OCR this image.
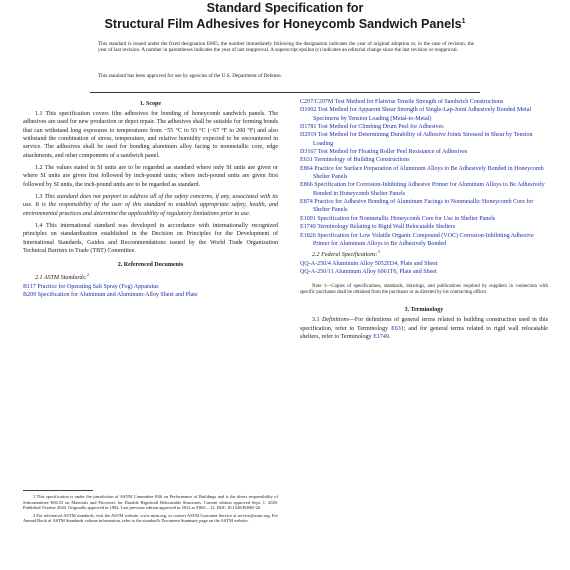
Standard Specification for
Structural Film Adhesives for Honeycomb Sandwich Panels$^1$
This standard is issued under the fixed designation E865; the number immediately following the designation indicates the year of original adoption or, in the case of revision, the year of last revision. A number in parentheses indicates the year of last reapproval. A superscript epsilon (ε) indicates an editorial change since the last revision or reapproval.
This standard has been approved for use by agencies of the U.S. Department of Defense.

1. Scope

1.1 This specification covers film adhesives for bonding of honeycomb sandwich panels. The adhesives are used for new production or depot repair. The adhesives shall be suitable for forming bonds that can withstand long exposures to temperatures from −55 °C to 93 °C (−67 °F to 200 °F) and also withstand the combination of stress, temperature, and relative humidity expected to be encountered in service. The adhesives shall be used for bonding aluminum alloy facing to nonmetallic core, edge attachments, and other components of a sandwich panel.

1.2 The values stated in SI units are to be regarded as standard where only SI units are given or where SI units are given first followed by inch-pound units; where inch-pound units are given first followed by SI units, the inch-pound units are to be regarded as standard.

1.3 This standard does not purport to address all of the safety concerns, if any, associated with its use. It is the responsibility of the user of this standard to establish appropriate safety, health, and environmental practices and determine the applicability of regulatory limitations prior to use.

1.4 This international standard was developed in accordance with internationally recognized principles on standardization established in the Decision on Principles for the Development of International Standards, Guides and Recommendations issued by the World Trade Organization Technical Barriers to Trade (TBT) Committee.

2. Referenced Documents

2.1 ASTM Standards:$^2$

B117 Practice for Operating Salt Spray (Fog) Apparatus

B209 Specification for Aluminum and Aluminum-Alloy Sheet and Plate

C297/C297M Test Method for Flatwise Tensile Strength of Sandwich Constructions

D1002 Test Method for Apparent Shear Strength of Single-Lap-Joint Adhesively Bonded Metal Specimens by Tension Loading (Metal-to-Metal)

D1781 Test Method for Climbing Drum Peel for Adhesives

D2919 Test Method for Determining Durability of Adhesive Joints Stressed in Shear by Tension Loading

D3167 Test Method for Floating Roller Peel Resistance of Adhesives

E631 Terminology of Building Constructions

E864 Practice for Surface Preparation of Aluminum Alloys to Be Adhesively Bonded in Honeycomb Shelter Panels

E866 Specification for Corrosion-Inhibiting Adhesive Primer for Aluminum Alloys to Be Adhesively Bonded in Honeycomb Shelter Panels

E874 Practice for Adhesive Bonding of Aluminum Facings to Nonmetallic Honeycomb Core for Shelter Panels

E1091 Specification for Nonmetallic Honeycomb Core for Use in Shelter Panels

E1749 Terminology Relating to Rigid Wall Relocatable Shelters

E1826 Specification for Low Volatile Organic Compound (VOC) Corrosion-Inhibiting Adhesive Primer for Aluminum Alloys to Be Adhesively Bonded

2.2 Federal Specifications:$^3$

QQ-A-250/4 Aluminum Alloy 5052H34, Plate and Sheet

QQ-A-250/11 Aluminum Alloy 6061T6, Plate and Sheet

Note 1—Copies of specifications, standards, drawings, and publications required by suppliers in connection with specific purchases shall be obtained from the purchaser or as directed by his contracting officer.

3. Terminology

3.1 Definitions—For definitions of general terms related to building construction used in this specification, refer to Terminology E631; and for general terms related to rigid wall relocatable shelters, refer to Terminology E1749.

1 This specification is under the jurisdiction of ASTM Committee E06 on Performance of Buildings and is the direct responsibility of Subcommittee E06.53 on Materials and Processes for Durable Rigidwall Relocatable Structures. Current edition approved Sept. 1, 2020. Published October 2020. Originally approved in 1982. Last previous edition approved in 2012 as E865 – 12. DOI: 10.1520/E0865-20.

2 For referenced ASTM standards, visit the ASTM website, www.astm.org, or contact ASTM Customer Service at service@astm.org. For Annual Book of ASTM Standards volume information, refer to the standard's Document Summary page on the ASTM website.
